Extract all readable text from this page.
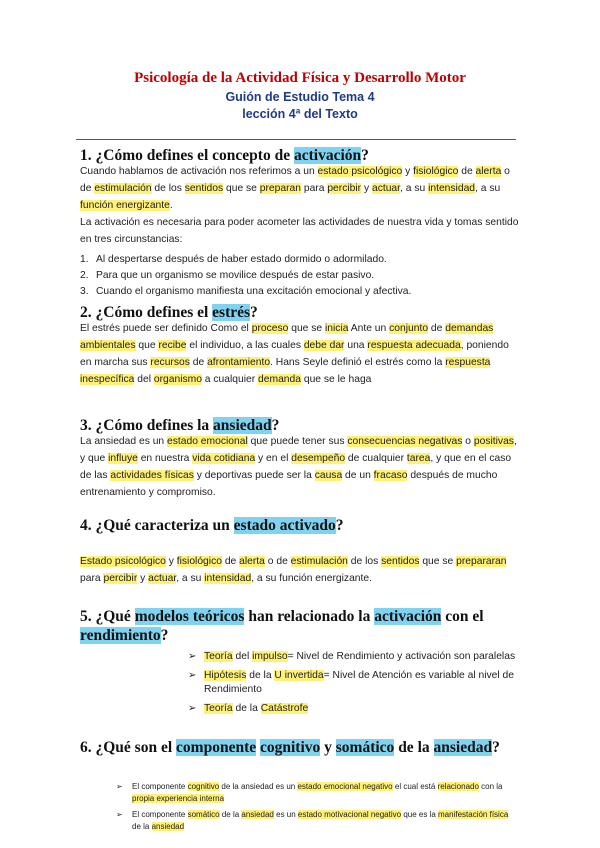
Psicología de la Actividad Física y Desarrollo Motor
Guión de Estudio Tema 4
lección 4ª del Texto
1. ¿Cómo defines el concepto de activación?

Cuando hablamos de activación nos referimos a un estado psicológico y fisiológico de alerta o de estimulación de los sentidos que se preparan para percibir y actuar, a su intensidad, a su función energizante.

La activación es necesaria para poder acometer las actividades de nuestra vida y tomas sentido en tres circunstancias:

1. Al despertarse después de haber estado dormido o adormilado.
2. Para que un organismo se movilice después de estar pasivo.
3. Cuando el organismo manifiesta una excitación emocional y afectiva.
2. ¿Cómo defines el estrés?

El estrés puede ser definido Como el proceso que se inicia Ante un conjunto de demandas ambientales que recibe el individuo, a las cuales debe dar una respuesta adecuada, poniendo en marcha sus recursos de afrontamiento. Hans Seyle definió el estrés como la respuesta inespecífica del organismo a cualquier demanda que se le haga

3. ¿Cómo defines la ansiedad?

La ansiedad es un estado emocional que puede tener sus consecuencias negativas o positivas, y que influye en nuestra vida cotidiana y en el desempeño de cualquier tarea, y que en el caso de las actividades físicas y deportivas puede ser la causa de un fracaso después de mucho entrenamiento y compromiso.

4. ¿Qué caracteriza un estado activado?

Estado psicológico y fisiológico de alerta o de estimulación de los sentidos que se prepararan para percibir y actuar, a su intensidad, a su función energizante.

5. ¿Qué modelos teóricos han relacionado la activación con el rendimiento?
➢ Teoría del impulso= Nivel de Rendimiento y activación son paralelas
➢ Hipótesis de la U invertida= Nivel de Atención es variable al nivel de Rendimiento
➢ Teoría de la Catástrofe
6. ¿Qué son el componente cognitivo y somático de la ansiedad?
➢ El componente cognitivo de la ansiedad es un estado emocional negativo el cual está relacionado con la propia experiencia interna
➢ El componente somático de la ansiedad es un estado motivacional negativo que es la manifestación física de la ansiedad
